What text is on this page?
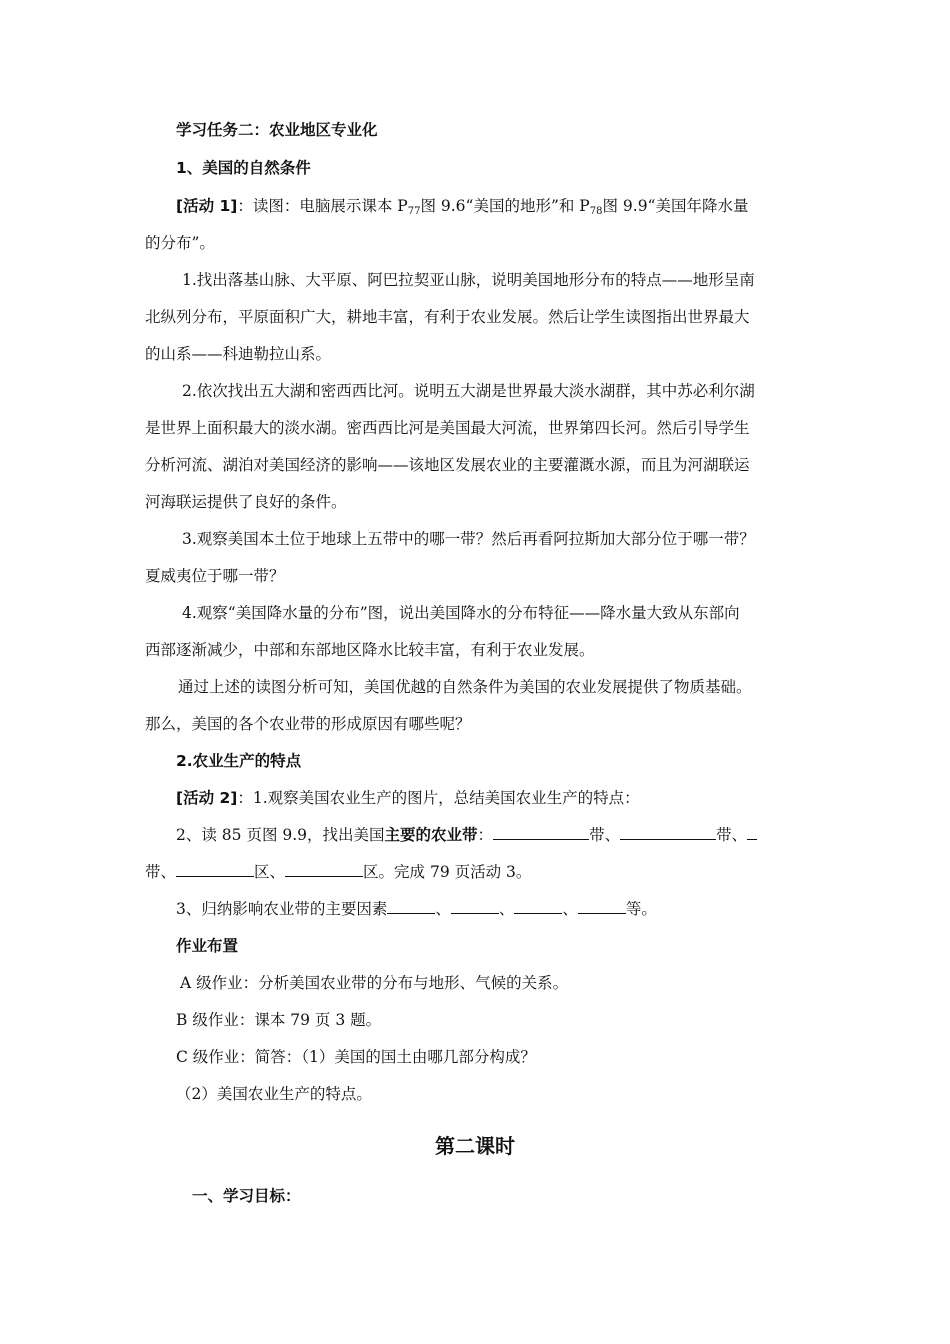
学习任务二：农业地区专业化
1、美国的自然条件
[活动 1]：读图：电脑展示课本 $P_{77}$图 9.6“美国的地形”和 $P_{78}$图 9.9“美国年降水量
的分布”。
1.找出落基山脉、大平原、阿巴拉契亚山脉，说明美国地形分布的特点——地形呈南
北纵列分布，平原面积广大，耕地丰富，有利于农业发展。然后让学生读图指出世界最大
的山系——科迪勒拉山系。
2.依次找出五大湖和密西西比河。说明五大湖是世界最大淡水湖群，其中苏必利尔湖
是世界上面积最大的淡水湖。密西西比河是美国最大河流，世界第四长河。然后引导学生
分析河流、湖泊对美国经济的影响——该地区发展农业的主要灌溉水源，而且为河湖联运
河海联运提供了良好的条件。
3.观察美国本土位于地球上五带中的哪一带？然后再看阿拉斯加大部分位于哪一带？
夏威夷位于哪一带？
4.观察“美国降水量的分布”图，说出美国降水的分布特征——降水量大致从东部向
西部逐渐减少，中部和东部地区降水比较丰富，有利于农业发展。
通过上述的读图分析可知，美国优越的自然条件为美国的农业发展提供了物质基础。
那么，美国的各个农业带的形成原因有哪些呢？
2.农业生产的特点
[活动 2]：1.观察美国农业生产的图片，总结美国农业生产的特点：
2、读 85 页图 9.9，找出美国主要的农业带：	带、	带、
带、	区、	区。完成 79 页活动 3。
3、归纳影响农业带的主要因素	、	、	、	等。
作业布置
A 级作业：分析美国农业带的分布与地形、气候的关系。
B 级作业：课本 79 页 3 题。
C 级作业：简答：（1）美国的国土由哪几部分构成？
（2）美国农业生产的特点。
第二课时
一、学习目标：
